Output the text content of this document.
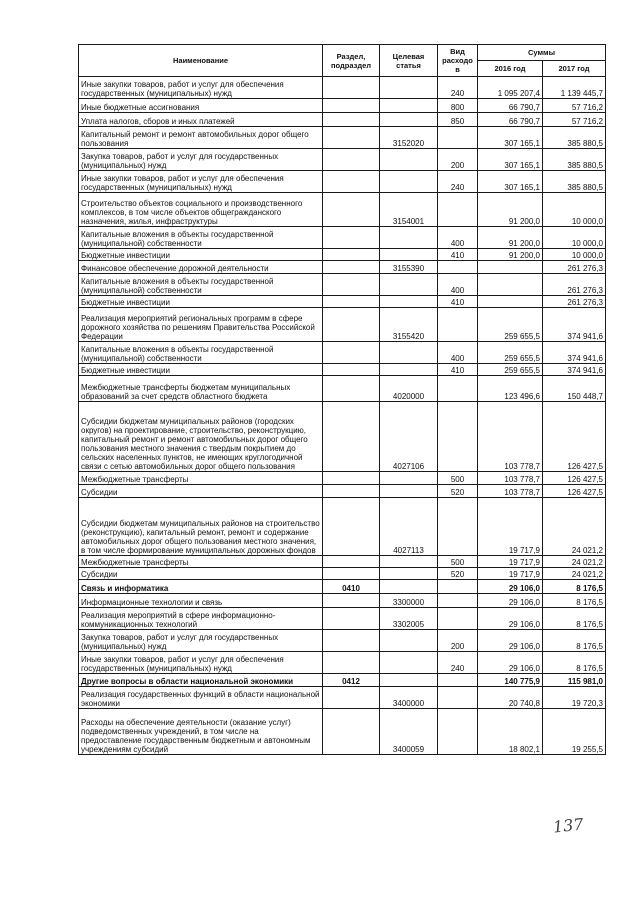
Наименование	Раздел, подраздел	Целевая статья	Вид расходов	Суммы	
				2016 год	2017 год
Иные закупки товаров, работ и услуг для обеспечения государственных (муниципальных) нужд			240	1 095 207,4	1 139 445,7
Иные бюджетные ассигнования			800	66 790,7	57 716,2
Уплата налогов, сборов и иных платежей			850	66 790,7	57 716,2
Капитальный ремонт и ремонт автомобильных дорог общего пользования		3152020		307 165,1	385 880,5
Закупка товаров, работ и услуг для государственных (муниципальных) нужд			200	307 165,1	385 880,5
Иные закупки товаров, работ и услуг для обеспечения государственных (муниципальных) нужд			240	307 165,1	385 880,5
Строительство объектов социального и производственного комплексов, в том числе объектов общегражданского назначения, жилья, инфраструктуры		3154001		91 200,0	10 000,0
Капитальные вложения в объекты государственной (муниципальной) собственности			400	91 200,0	10 000,0
Бюджетные инвестиции			410	91 200,0	10 000,0
Финансовое обеспечение дорожной деятельности		3155390			261 276,3
Капитальные вложения в объекты государственной (муниципальной) собственности			400		261 276,3
Бюджетные инвестиции			410		261 276,3
Реализация мероприятий региональных программ в сфере дорожного хозяйства по решениям Правительства Российской Федерации		3155420		259 655,5	374 941,6
Капитальные вложения в объекты государственной (муниципальной) собственности			400	259 655,5	374 941,6
Бюджетные инвестиции			410	259 655,5	374 941,6
Межбюджетные трансферты бюджетам муниципальных образований за счет средств областного бюджета		4020000		123 496,6	150 448,7
Субсидии бюджетам муниципальных районов (городских округов) на проектирование, строительство, реконструкцию, капитальный ремонт и ремонт автомобильных дорог общего пользования местного значения с твердым покрытием до сельских населенных пунктов, не имеющих круглогодичной связи с сетью автомобильных дорог общего пользования		4027106		103 778,7	126 427,5
Межбюджетные трансферты			500	103 778,7	126 427,5
Субсидии			520	103 778,7	126 427,5
Субсидии бюджетам муниципальных районов на строительство (реконструкцию), капитальный ремонт, ремонт и содержание автомобильных дорог общего пользования местного значения, в том числе формирование муниципальных дорожных фондов		4027113		19 717,9	24 021,2
Межбюджетные трансферты			500	19 717,9	24 021,2
Субсидии			520	19 717,9	24 021,2
Связь и информатика	0410			29 106,0	8 176,5
Информационные технологии и связь		3300000		29 106,0	8 176,5
Реализация мероприятий в сфере информационно-коммуникационных технологий		3302005		29 106,0	8 176,5
Закупка товаров, работ и услуг для государственных (муниципальных) нужд			200	29 106,0	8 176,5
Иные закупки товаров, работ и услуг для обеспечения государственных (муниципальных) нужд			240	29 106,0	8 176,5
Другие вопросы в области национальной экономики	0412			140 775,9	115 981,0
Реализация государственных функций в области национальной экономики		3400000		20 740,8	19 720,3
Расходы на обеспечение деятельности (оказание услуг) подведомственных учреждений, в том числе на предоставление государственным бюджетным и автономным учреждениям субсидий		3400059		18 802,1	19 255,5
137
